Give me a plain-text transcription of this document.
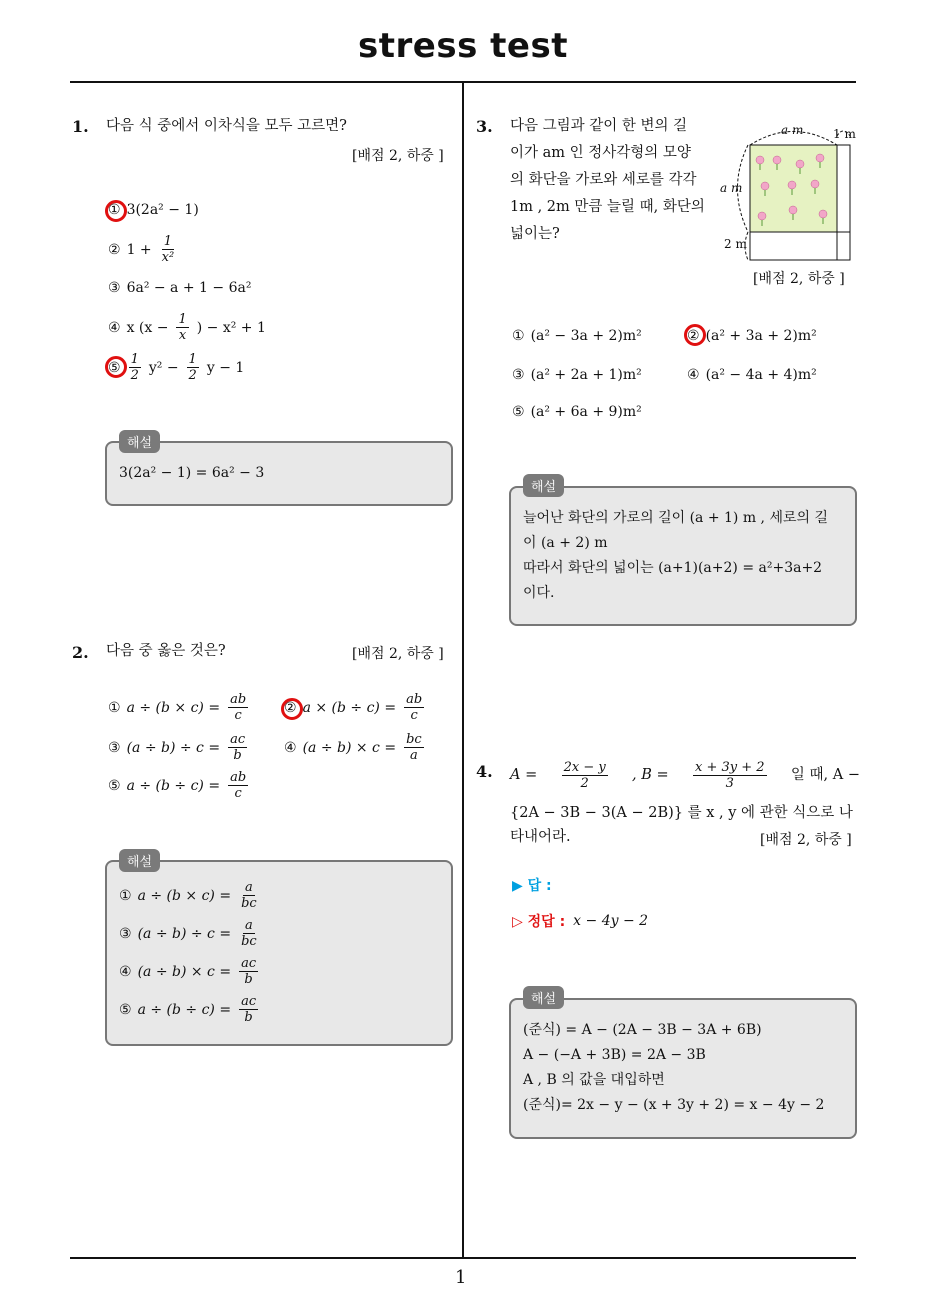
stress test
1
1. 다음 식 중에서 이차식을 모두 고르면?
[배점 2, 하중 ]
① 3(2a² − 1)
② $1 + \frac{1}{\text{x²}}$
③ 6a² − a + 1 − 6a²
④ x ($x - \frac{1}{x}$ ) − x² + 1
⑤ $\frac{1}{2} y^2 - \frac{1}{2}$ y − 1
3(2a² − 1) = 6a² − 3
해설
2. 다음 중 옳은 것은?	[배점 2, 하중 ]
① $a \div (b \times c) = \frac{ab}{c}$	② $a \times (b \div c) = \frac{ab}{c}$
③ $(a \div b) \div c = \frac{ac}{b}$	④ $(a \div b) \times c = \frac{bc}{a}$
⑤ $a \div (b \div c) = \frac{ab}{c}$
① $a \div (b \times c) = \frac{a}{bc}$
③ $(a \div b) \div c = \frac{a}{bc}$
④ $(a \div b) \times c = \frac{ac}{b}$
⑤ $a \div (b \div c) = \frac{ac}{b}$
해설
3. 다음 그림과 같이 한 변의 길
이가 am 인 정사각형의 모양
의 화단을 가로와 세로를 각각
1m , 2m 만큼 늘릴 때, 화단의
넓이는?
a m 1 m
a m
2 m
[배점 2, 하중 ]
① (a² − 3a + 2)m²	② (a² + 3a + 2)m²
③ (a² + 2a + 1)m²	④ (a² − 4a + 4)m²
⑤ (a² + 6a + 9)m²
늘어난 화단의 가로의 길이 (a + 1) m , 세로의 길
이 (a + 2) m
따라서 화단의 넓이는 (a+1)(a+2) = a²+3a+2
이다.
해설
4. $A = \frac{2x - y}{2}$ , $B = \frac{x + 3y + 2}{3}$ 일 때, A −
{2A − 3B − 3(A − 2B)} 를 x , y 에 관한 식으로 나
타내어라.	[배점 2, 하중 ]
▶ 답 :
▷ 정답 : x − 4y − 2
(준식) = A − (2A − 3B − 3A + 6B)
A − (−A + 3B) = 2A − 3B
A , B 의 값을 대입하면
(준식)= 2x − y − (x + 3y + 2) = x − 4y − 2
해설
